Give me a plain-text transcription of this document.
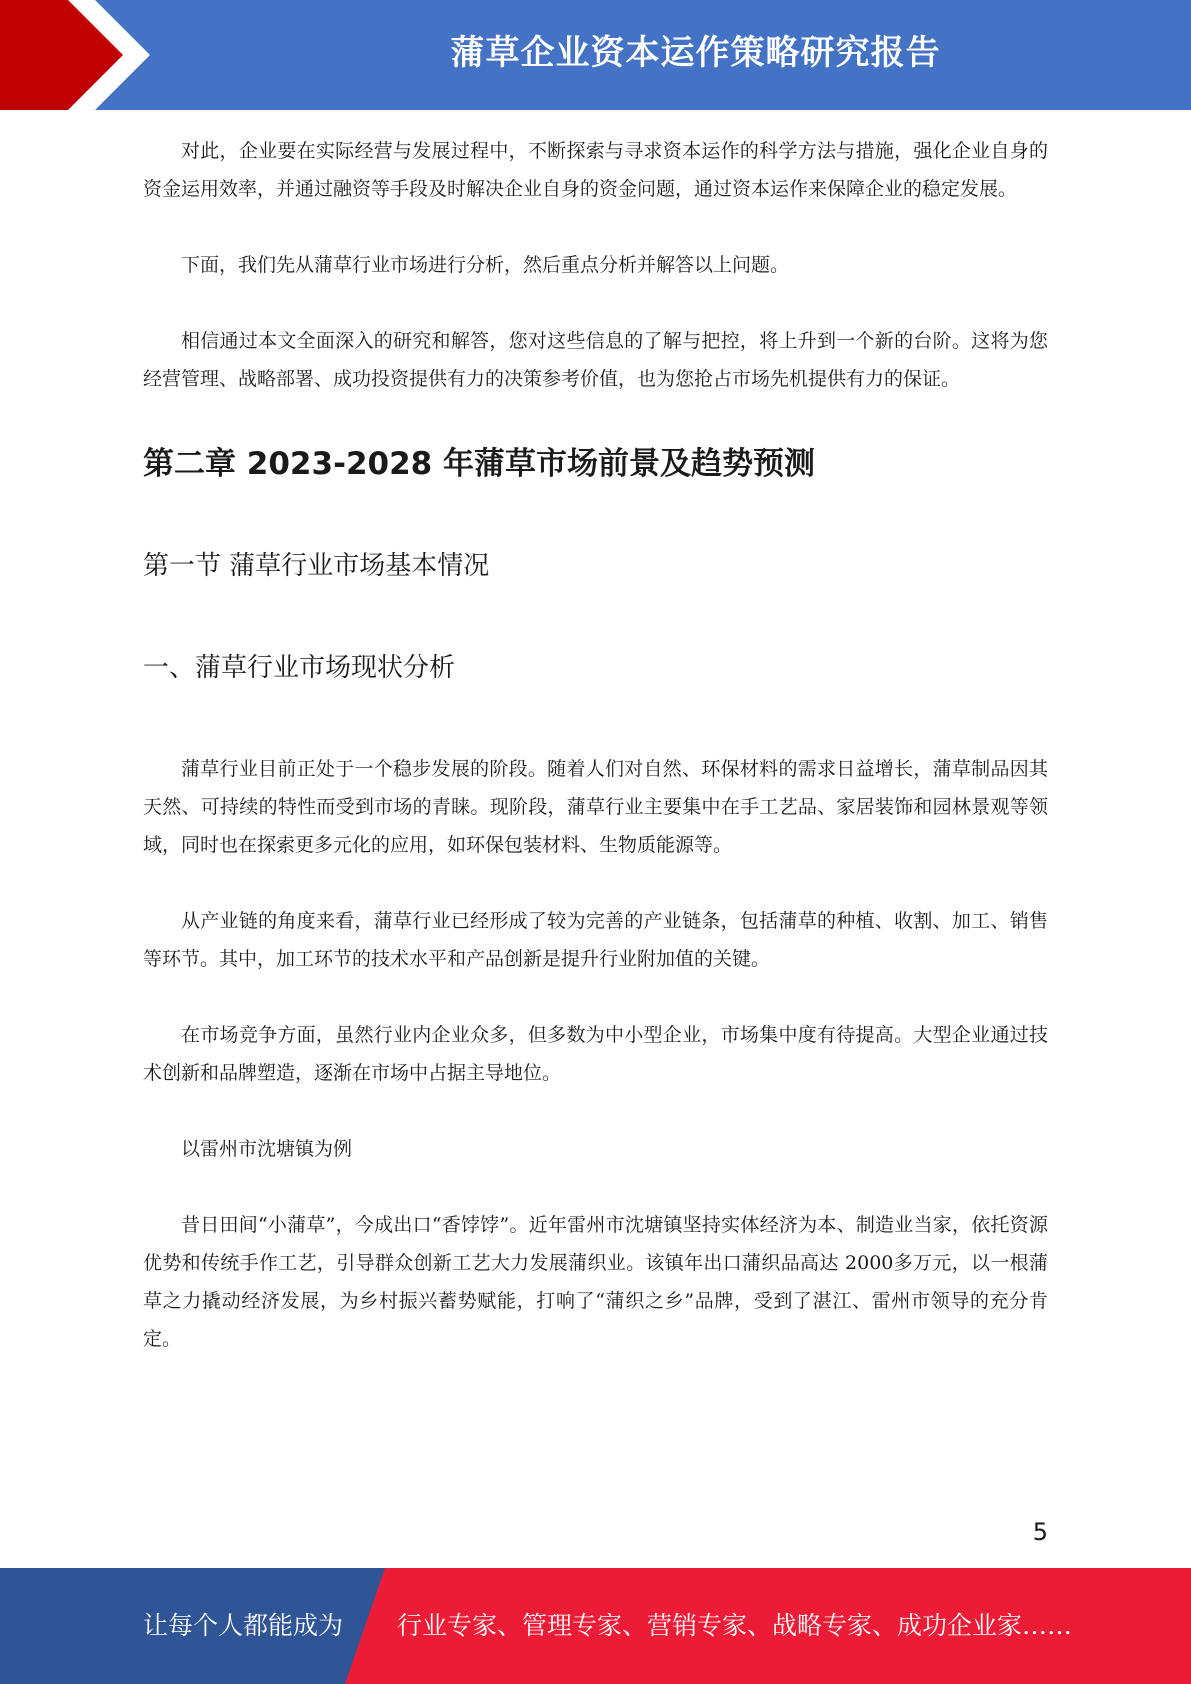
蒲草企业资本运作策略研究报告

对此，企业要在实际经营与发展过程中，不断探索与寻求资本运作的科学方法与措施，强化企业自身的资金运用效率，并通过融资等手段及时解决企业自身的资金问题，通过资本运作来保障企业的稳定发展。

下面，我们先从蒲草行业市场进行分析，然后重点分析并解答以上问题。

相信通过本文全面深入的研究和解答，您对这些信息的了解与把控，将上升到一个新的台阶。这将为您经营管理、战略部署、成功投资提供有力的决策参考价值，也为您抢占市场先机提供有力的保证。

第二章 2023-2028 年蒲草市场前景及趋势预测
第一节 蒲草行业市场基本情况
一、蒲草行业市场现状分析

蒲草行业目前正处于一个稳步发展的阶段。随着人们对自然、环保材料的需求日益增长，蒲草制品因其天然、可持续的特性而受到市场的青睐。现阶段，蒲草行业主要集中在手工艺品、家居装饰和园林景观等领域，同时也在探索更多元化的应用，如环保包装材料、生物质能源等。

从产业链的角度来看，蒲草行业已经形成了较为完善的产业链条，包括蒲草的种植、收割、加工、销售等环节。其中，加工环节的技术水平和产品创新是提升行业附加值的关键。

在市场竞争方面，虽然行业内企业众多，但多数为中小型企业，市场集中度有待提高。大型企业通过技术创新和品牌塑造，逐渐在市场中占据主导地位。

以雷州市沈塘镇为例

昔日田间“小蒲草”，今成出口“香饽饽”。近年雷州市沈塘镇坚持实体经济为本、制造业当家，依托资源优势和传统手作工艺，引导群众创新工艺大力发展蒲织业。该镇年出口蒲织品高达 2000多万元，以一根蒲草之力撬动经济发展，为乡村振兴蓄势赋能，打响了“蒲织之乡”品牌，受到了湛江、雷州市领导的充分肯定。

5
让每个人都能成为 行业专家、管理专家、营销专家、战略专家、成功企业家……
